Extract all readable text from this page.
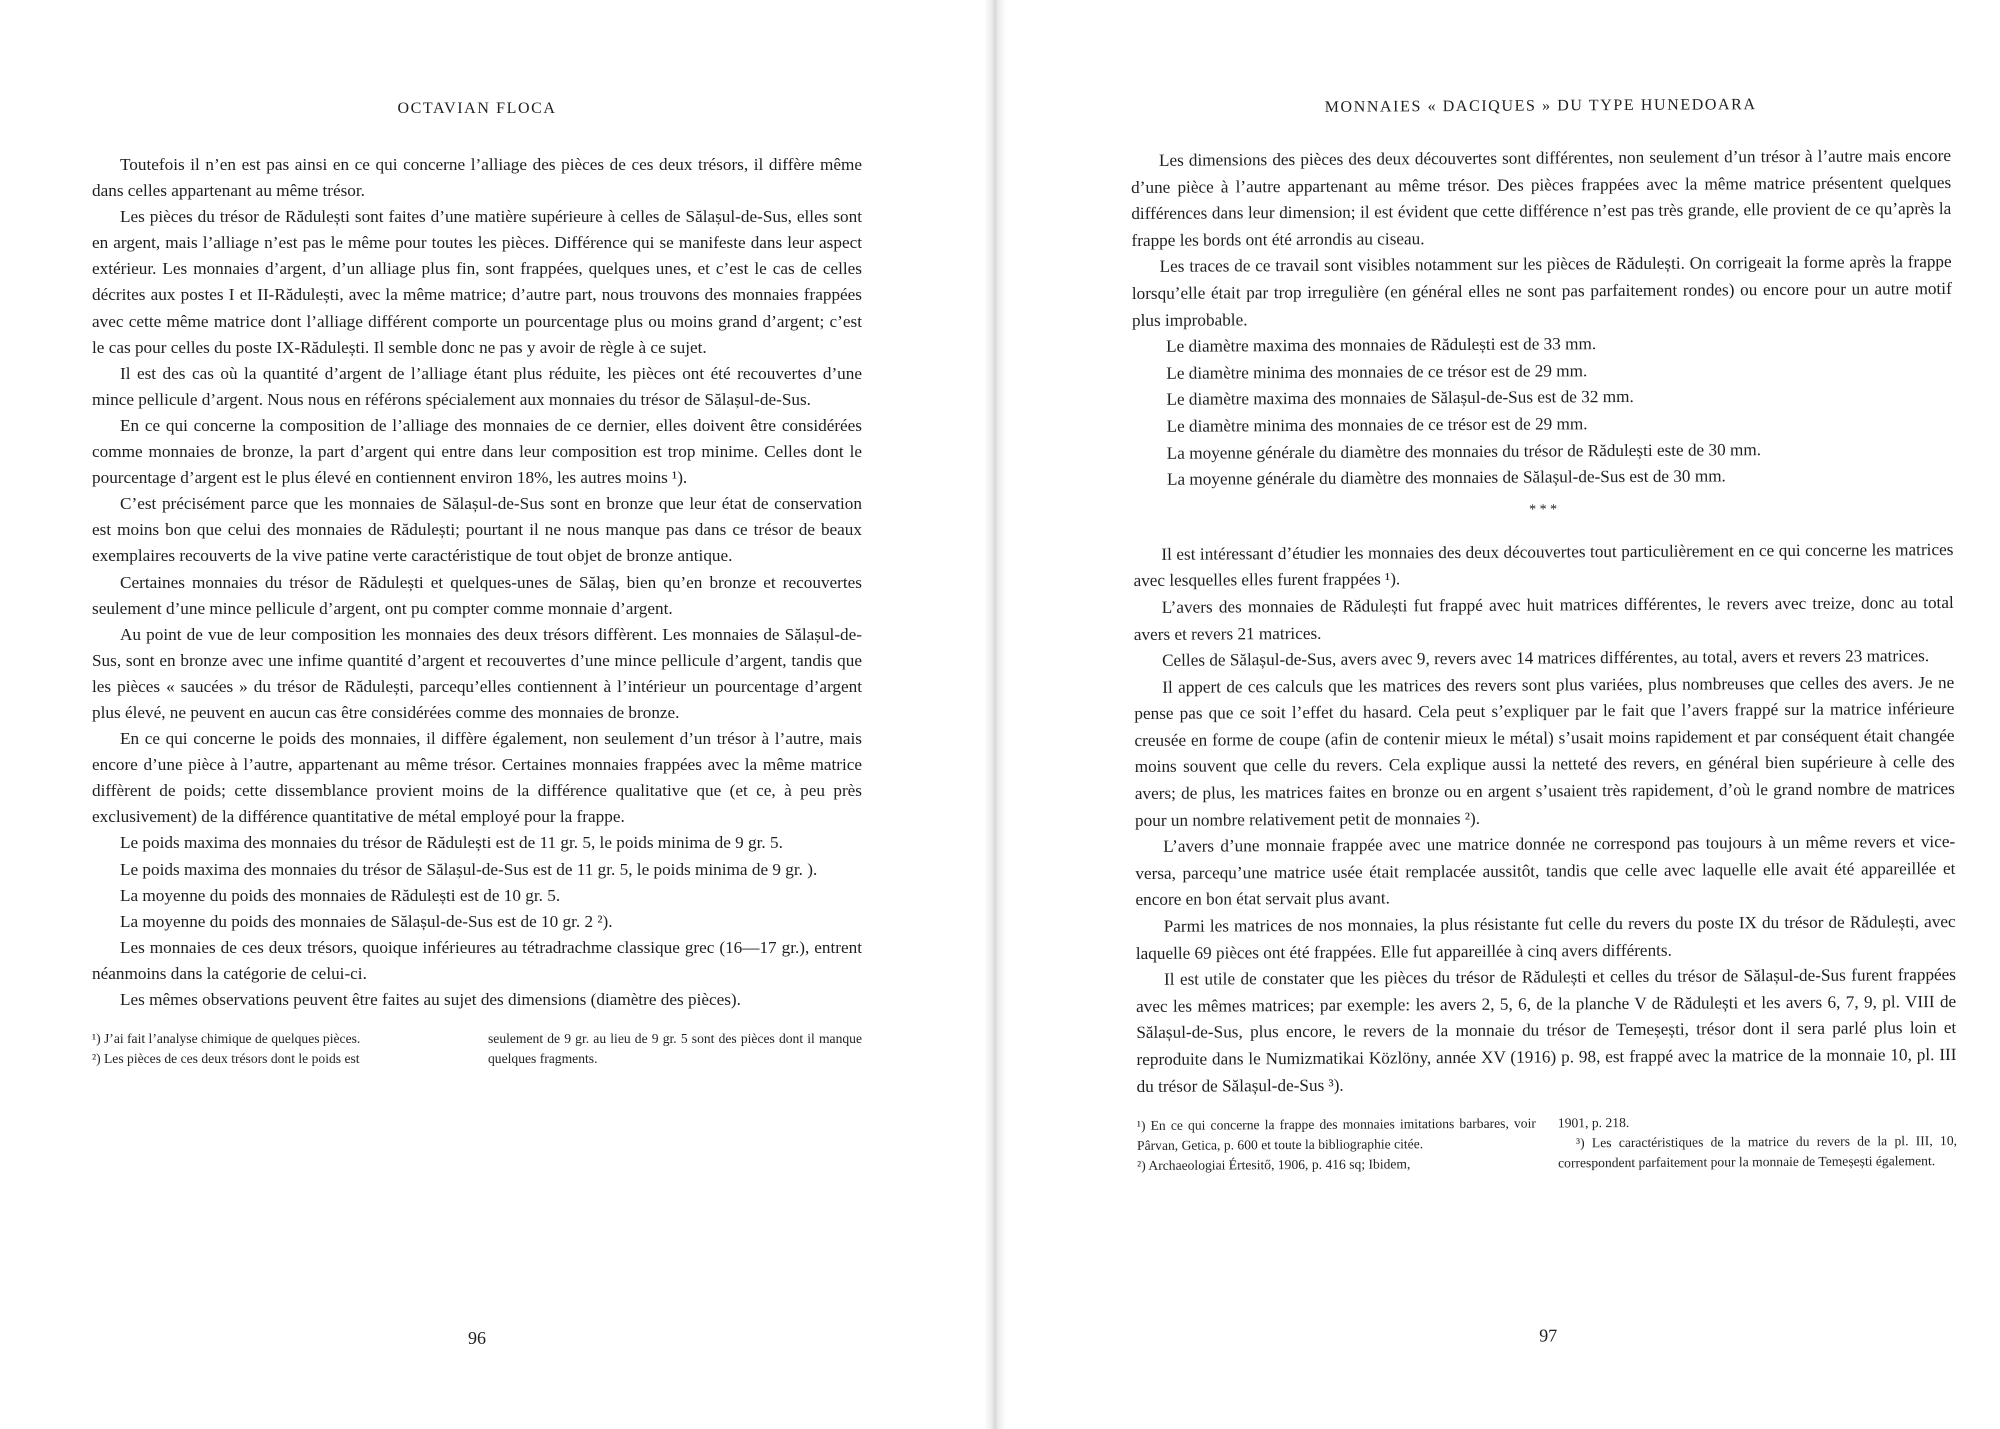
OCTAVIAN FLOCA

Toutefois il n’en est pas ainsi en ce qui concerne l’alliage des pièces de ces deux trésors, il diffère même dans celles appartenant au même trésor.

Les pièces du trésor de Rădulești sont faites d’une matière supérieure à celles de Sălașul-de-Sus, elles sont en argent, mais l’alliage n’est pas le même pour toutes les pièces. Différence qui se manifeste dans leur aspect extérieur. Les monnaies d’argent, d’un alliage plus fin, sont frappées, quelques unes, et c’est le cas de celles décrites aux postes I et II-Rădulești, avec la même matrice; d’autre part, nous trouvons des monnaies frappées avec cette même matrice dont l’alliage différent comporte un pourcentage plus ou moins grand d’argent; c’est le cas pour celles du poste IX-Rădulești. Il semble donc ne pas y avoir de règle à ce sujet.

Il est des cas où la quantité d’argent de l’alliage étant plus réduite, les pièces ont été recouvertes d’une mince pellicule d’argent. Nous nous en référons spécialement aux monnaies du trésor de Sălașul-de-Sus.

En ce qui concerne la composition de l’alliage des monnaies de ce dernier, elles doivent être considérées comme monnaies de bronze, la part d’argent qui entre dans leur composition est trop minime. Celles dont le pourcentage d’argent est le plus élevé en contiennent environ 18%, les autres moins ¹).

C’est précisément parce que les monnaies de Sălașul-de-Sus sont en bronze que leur état de conservation est moins bon que celui des monnaies de Rădulești; pourtant il ne nous manque pas dans ce trésor de beaux exemplaires recouverts de la vive patine verte caractéristique de tout objet de bronze antique.

Certaines monnaies du trésor de Rădulești et quelques-unes de Sălaș, bien qu’en bronze et recouvertes seulement d’une mince pellicule d’argent, ont pu compter comme monnaie d’argent.

Au point de vue de leur composition les monnaies des deux trésors diffèrent. Les monnaies de Sălașul-de-Sus, sont en bronze avec une infime quantité d’argent et recouvertes d’une mince pellicule d’argent, tandis que les pièces « saucées » du trésor de Rădulești, parcequ’elles contiennent à l’intérieur un pourcentage d’argent plus élevé, ne peuvent en aucun cas être considérées comme des monnaies de bronze.

En ce qui concerne le poids des monnaies, il diffère également, non seulement d’un trésor à l’autre, mais encore d’une pièce à l’autre, appartenant au même trésor. Certaines monnaies frappées avec la même matrice diffèrent de poids; cette dissemblance provient moins de la différence qualitative que (et ce, à peu près exclusivement) de la différence quantitative de métal employé pour la frappe.

Le poids maxima des monnaies du trésor de Rădulești est de 11 gr. 5, le poids minima de 9 gr. 5.

Le poids maxima des monnaies du trésor de Sălașul-de-Sus est de 11 gr. 5, le poids minima de 9 gr. ).

La moyenne du poids des monnaies de Rădulești est de 10 gr. 5.

La moyenne du poids des monnaies de Sălașul-de-Sus est de 10 gr. 2 ²).

Les monnaies de ces deux trésors, quoique inférieures au tétradrachme classique grec (16—17 gr.), entrent néanmoins dans la catégorie de celui-ci.

Les mêmes observations peuvent être faites au sujet des dimensions (diamètre des pièces).

¹) J’ai fait l’analyse chimique de quelques pièces.

²) Les pièces de ces deux trésors dont le poids est

seulement de 9 gr. au lieu de 9 gr. 5 sont des pièces dont il manque quelques fragments.

96
MONNAIES « DACIQUES » DU TYPE HUNEDOARA

Les dimensions des pièces des deux découvertes sont différentes, non seulement d’un trésor à l’autre mais encore d’une pièce à l’autre appartenant au même trésor. Des pièces frappées avec la même matrice présentent quelques différences dans leur dimension; il est évident que cette différence n’est pas très grande, elle provient de ce qu’après la frappe les bords ont été arrondis au ciseau.

Les traces de ce travail sont visibles notamment sur les pièces de Rădulești. On corrigeait la forme après la frappe lorsqu’elle était par trop irregulière (en général elles ne sont pas parfaitement rondes) ou encore pour un autre motif plus improbable.

Le diamètre maxima des monnaies de Rădulești est de 33 mm.

Le diamètre minima des monnaies de ce trésor est de 29 mm.

Le diamètre maxima des monnaies de Sălașul-de-Sus est de 32 mm.

Le diamètre minima des monnaies de ce trésor est de 29 mm.

La moyenne générale du diamètre des monnaies du trésor de Rădulești este de 30 mm.

La moyenne générale du diamètre des monnaies de Sălașul-de-Sus est de 30 mm.

* * *

Il est intéressant d’étudier les monnaies des deux découvertes tout particulièrement en ce qui concerne les matrices avec lesquelles elles furent frappées ¹).

L’avers des monnaies de Rădulești fut frappé avec huit matrices différentes, le revers avec treize, donc au total avers et revers 21 matrices.

Celles de Sălașul-de-Sus, avers avec 9, revers avec 14 matrices différentes, au total, avers et revers 23 matrices.

Il appert de ces calculs que les matrices des revers sont plus variées, plus nombreuses que celles des avers. Je ne pense pas que ce soit l’effet du hasard. Cela peut s’expliquer par le fait que l’avers frappé sur la matrice inférieure creusée en forme de coupe (afin de contenir mieux le métal) s’usait moins rapidement et par conséquent était changée moins souvent que celle du revers. Cela explique aussi la netteté des revers, en général bien supérieure à celle des avers; de plus, les matrices faites en bronze ou en argent s’usaient très rapidement, d’où le grand nombre de matrices pour un nombre relativement petit de monnaies ²).

L’avers d’une monnaie frappée avec une matrice donnée ne correspond pas toujours à un même revers et vice-versa, parcequ’une matrice usée était remplacée aussitôt, tandis que celle avec laquelle elle avait été appareillée et encore en bon état servait plus avant.

Parmi les matrices de nos monnaies, la plus résistante fut celle du revers du poste IX du trésor de Rădulești, avec laquelle 69 pièces ont été frappées. Elle fut appareillée à cinq avers différents.

Il est utile de constater que les pièces du trésor de Rădulești et celles du trésor de Sălașul-de-Sus furent frappées avec les mêmes matrices; par exemple: les avers 2, 5, 6, de la planche V de Rădulești et les avers 6, 7, 9, pl. VIII de Sălașul-de-Sus, plus encore, le revers de la monnaie du trésor de Temeșești, trésor dont il sera parlé plus loin et reproduite dans le Numizmatikai Közlöny, année XV (1916) p. 98, est frappé avec la matrice de la monnaie 10, pl. III du trésor de Sălașul-de-Sus ³).

¹) En ce qui concerne la frappe des monnaies imitations barbares, voir Pârvan, Getica, p. 600 et toute la bibliographie citée.

²) Archaeologiai Értesitő, 1906, p. 416 sq; Ibidem,

1901, p. 218.

³) Les caractéristiques de la matrice du revers de la pl. III, 10, correspondent parfaitement pour la monnaie de Temeșești également.

97
